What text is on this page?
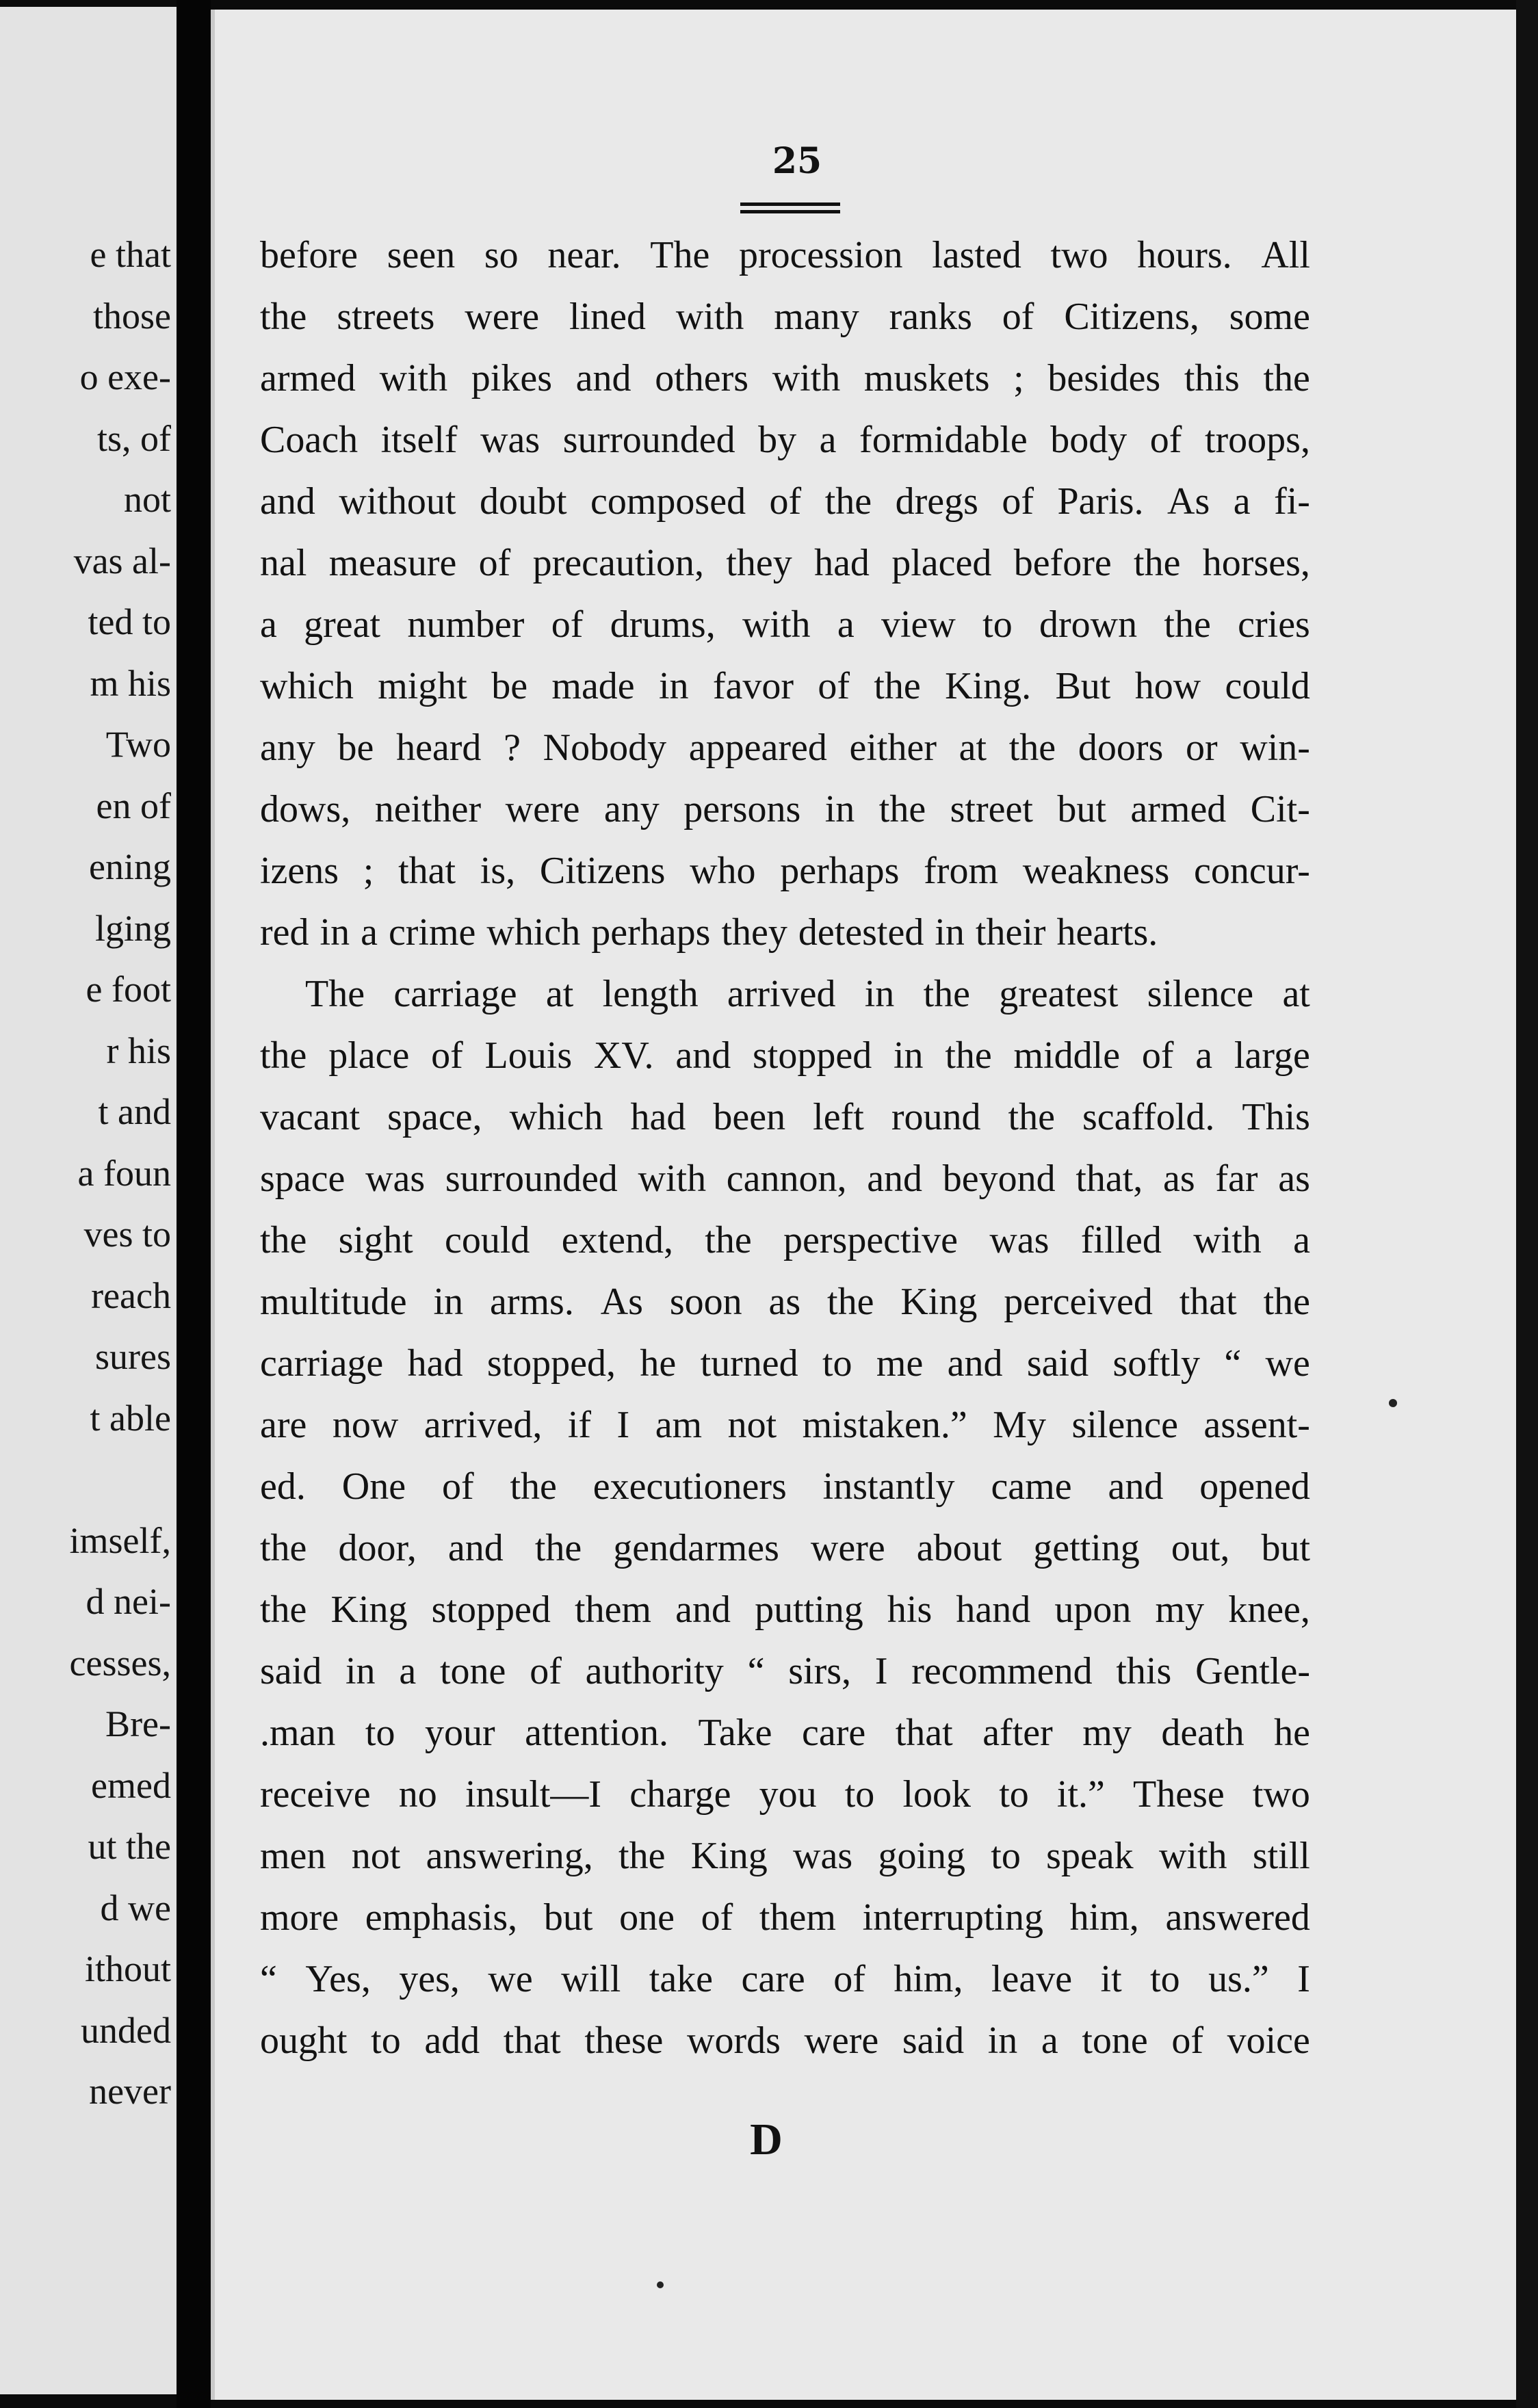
e that
those
o exe-
ts, of
not
vas al-
ted to
m his
Two
en of
ening
lging
e foot
r his
t and
a foun
ves to
reach
sures
t able

imself,
d nei-
cesses,
Bre-
emed
ut the
d we
ithout
unded
never
25
before seen so near. The procession lasted two hours. All
the streets were lined with many ranks of Citizens, some
armed with pikes and others with muskets ; besides this the
Coach itself was surrounded by a formidable body of troops,
and without doubt composed of the dregs of Paris. As a fi-
nal measure of precaution, they had placed before the horses,
a great number of drums, with a view to drown the cries
which might be made in favor of the King. But how could
any be heard ? Nobody appeared either at the doors or win-
dows, neither were any persons in the street but armed Cit-
izens ; that is, Citizens who perhaps from weakness concur-
red in a crime which perhaps they detested in their hearts.
The carriage at length arrived in the greatest silence at
the place of Louis XV. and stopped in the middle of a large
vacant space, which had been left round the scaffold. This
space was surrounded with cannon, and beyond that, as far as
the sight could extend, the perspective was filled with a
multitude in arms. As soon as the King perceived that the
carriage had stopped, he turned to me and said softly “ we
are now arrived, if I am not mistaken.” My silence assent-
ed. One of the executioners instantly came and opened
the door, and the gendarmes were about getting out, but
the King stopped them and putting his hand upon my knee,
said in a tone of authority “ sirs, I recommend this Gentle-
.man to your attention. Take care that after my death he
receive no insult—I charge you to look to it.” These two
men not answering, the King was going to speak with still
more emphasis, but one of them interrupting him, answered
“ Yes, yes, we will take care of him, leave it to us.” I
ought to add that these words were said in a tone of voice
D
